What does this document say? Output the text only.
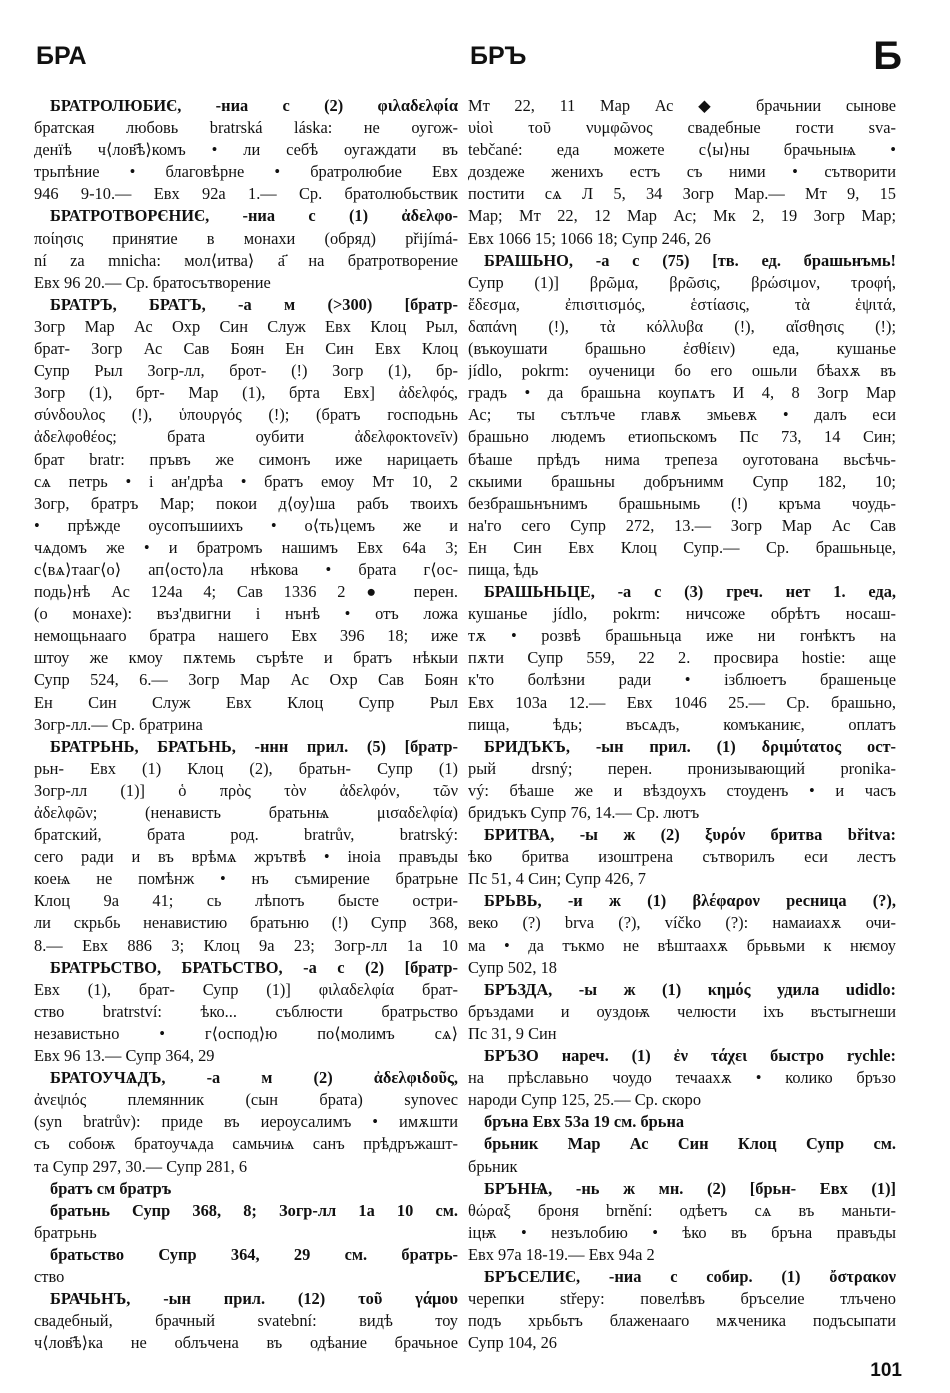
БРА	БРЪ	Б
БРАТРОЛЮБИЄ, -ниа с (2) φιλαδελφία
братская любовь bratrská láska: не оугож-
денїѣ ч⟨лов҃ѣ⟩комъ • ли себѣ оугаждати въ
трьпѣние • благовѣрне • братролюбие Евх
946 9-10.— Евх 92а 1.— Ср. братолюбьствик
БРАТРОТВОРЄНИЄ, -ниа с (1) ἀδελφο-
ποίησις принятие в монахи (обряд) přijímá-
ní za mnicha: мол⟨итва⟩ а҃ на братротворение
Евх 96 20.— Ср. братосътворение
БРАТРЪ, БРАТЪ, -а м (>300) [братр-
Зогр Мар Ас Охр Син Служ Евх Клоц Рыл,
брат- Зогр Ас Сав Боян Ен Син Евх Клоц
Супр Рыл Зогр-лл, брот- (!) Зогр (1), бр-
Зогр (1), брт- Мар (1), брта Евх] ἀδελφός,
σύνδουλος (!), ὑπουργός (!); (братъ господьнь
ἀδελφοθέος; брата оубити ἀδελφοκτονεῖν)
брат bratr: пръвъ же симонъ иже нарицаеть
сѧ петрь • і ан'дрѣа • братъ емоу Мт 10, 2
Зогр, братръ Мар; покои д⟨оу⟩ша рабъ твоихъ
• прѣжде оусопъшиихъ • о⟨ть⟩цемъ же и
чѧдомъ же • и братромъ нашимъ Евх 64а 3;
с⟨вѧ⟩тааг⟨о⟩ ап⟨осто⟩ла нѣкова • брата г⟨ос-
подь⟩нѣ Ас 124а 4; Сав 1336 2 ● перен.
(о монахе): въз'двигни і нънѣ • отъ ложа
немощьнааго братра нашего Евх 396 18; иже
штоу же кмоу пѫтемь сърѣте и братъ нѣкыи
Супр 524, 6.— Зогр Мар Ас Охр Сав Боян
Ен Син Служ Евх Клоц Супр Рыл
Зогр-лл.— Ср. братрина
БРАТРЬНЬ, БРАТЬНЬ, -ннн прил. (5) [братр-
рьн- Евх (1) Клоц (2), братьн- Супр (1)
Зогр-лл (1)] ὁ πρὸς τὸν ἀδελφόν, τῶν
ἀδελφῶν; (ненависть братьнѩ μισαδελφία)
братский, брата род. bratrův, bratrský:
сего ради и въ врѣмѧ жрътвѣ • іноіа правъды
коеѩ не помѣнж • нъ съмирение братрьне
Клоц 9а 41; сь лѣпотъ бысте остри-
ли скрьбь ненавистию братьню (!) Супр 368,
8.— Евх 886 3; Клоц 9а 23; Зогр-лл 1а 10
БРАТРЬСТВО, БРАТЬСТВО, -а с (2) [братр-
Евх (1), брат- Супр (1)] φιλαδελφία брат-
ство bratrství: ѣко... съблюсти братрьство
независтьно • г⟨оспод⟩ю по⟨молимъ сѧ⟩
Евх 96 13.— Супр 364, 29
БРАТОУЧѦДЪ, -а м (2) ἀδελφιδοῦς,
ἀνεψιός племянник (сын брата) synovec
(syn bratrův): приде въ иероусалимъ • имѫшти
съ собоѭ братоучѧда самьчиѩ санъ прѣдръжашт-
та Супр 297, 30.— Супр 281, 6
братъ см братръ
братьнь Супр 368, 8; Зогр-лл 1а 10 см.
братрьнь
братьство Супр 364, 29 см. братрь-
ство
БРАЧЬНЪ, -ын прил. (12) τοῦ γάμου
свадебный, брачный svatební: видѣ тоу
ч⟨лов҃ѣ⟩ка не облъчена въ одѣание брачьное
Мт 22, 11 Мар Ас ◆ брачьнии сынове
υἱοὶ τοῦ νυμφῶνος свадебные гости sva-
tebčané: еда можете с⟨ы⟩ны брачьныѩ •
доздеже женихъ естъ съ ними • сътворити
постити сѧ Л 5, 34 Зогр Мар.— Мт 9, 15
Мар; Мт 22, 12 Мар Ас; Мк 2, 19 Зогр Мар;
Евх 1066 15; 1066 18; Супр 246, 26
БРАШЬНО, -а с (75) [тв. ед. брашьнъмь!
Супр (1)] βρῶμα, βρῶσις, βρώσιμον, τροφή,
ἔδεσμα, ἐπισιτισμός, ἑστίασις, τὰ ἑψιτά,
δαπάνη (!), τὰ κόλλυβα (!), αἴσθησις (!);
(въкоушати брашьно ἐσθίειν) еда, кушанье
jídlo, pokrm: оученици бо его ошьли бѣахѫ въ
градъ • да брашьна коупѧтъ И 4, 8 Зогр Мар
Ас; ты сътлъче главѫ змьевѫ • далъ еси
брашьно людемъ етиопьскомъ Пс 73, 14 Син;
бѣаше прѣдъ нима трепеза оуготована вьсѣчь-
скыими брашьны добрънимм Супр 182, 10;
безбрашьнънимъ брашьнымь (!) кръма чоудь-
на'го сего Супр 272, 13.— Зогр Мар Ас Сав
Ен Син Евх Клоц Супр.— Ср. брашьньце,
пища, ѣдь
БРАШЬНЬЦЕ, -а с (3) греч. нет 1. еда,
кушанье jídlo, pokrm: ничсоже обрѣтъ носаш-
тѫ • розвѣ брашьньца иже ни гонѣктъ на
пѫти Супр 559, 22 2. просвира hostie: аще
к'то болѣзни ради • ізблюетъ брашеньце
Евх 103а 12.— Евх 1046 25.— Ср. брашьно,
пища, ѣдь; въсѧдъ, комъканиѥ, оплатъ
БРИДЪКЪ, -ын прил. (1) δριμύτατος ост-
рый drsný; перен. пронизывающий pronika-
vý: бѣаше же и вѣздоухъ стоуденъ • и часъ
бридъкъ Супр 76, 14.— Ср. лютъ
БРИТВА, -ы ж (2) ξυρόν бритва břitva:
ѣко бритва изоштрена сътворилъ еси лестъ
Пс 51, 4 Син; Супр 426, 7
БРЬВЬ, -и ж (1) βλέφαρον ресница (?),
веко (?) brva (?), víčko (?): намаиахѫ очи-
ма • да тъкмо не вѣштаахѫ брьвьми к нѥмоу
Супр 502, 18
БРЪЗДА, -ы ж (1) κημός удила udidlo:
бръздами и оуздоѭ челюсти іхъ въстыгнеши
Пс 31, 9 Син
БРЪЗО нареч. (1) ἐν τάχει быстро rychle:
на прѣславьно чоудо течаахѫ • колико бръзо
народи Супр 125, 25.— Ср. скоро
бръна Евх 53а 19 см. брьна
брьник Мар Ас Син Клоц Супр см.
брьник
БРЪНѨ, -нь ж мн. (2) [брьн- Евх (1)]
θώραξ броня brnění: одѣетъ сѧ въ маньти-
іцѭ • незълобию • ѣко въ бръна правъды
Евх 97а 18-19.— Евх 94а 2
БРЪСЕЛИЄ, -ниа с собир. (1) ὄστρακον
черепки střepy: повелѣвъ бръселие тлъчено
подъ хрьбьтъ блаженааго мѫченика подъсыпати
Супр 104, 26
101
